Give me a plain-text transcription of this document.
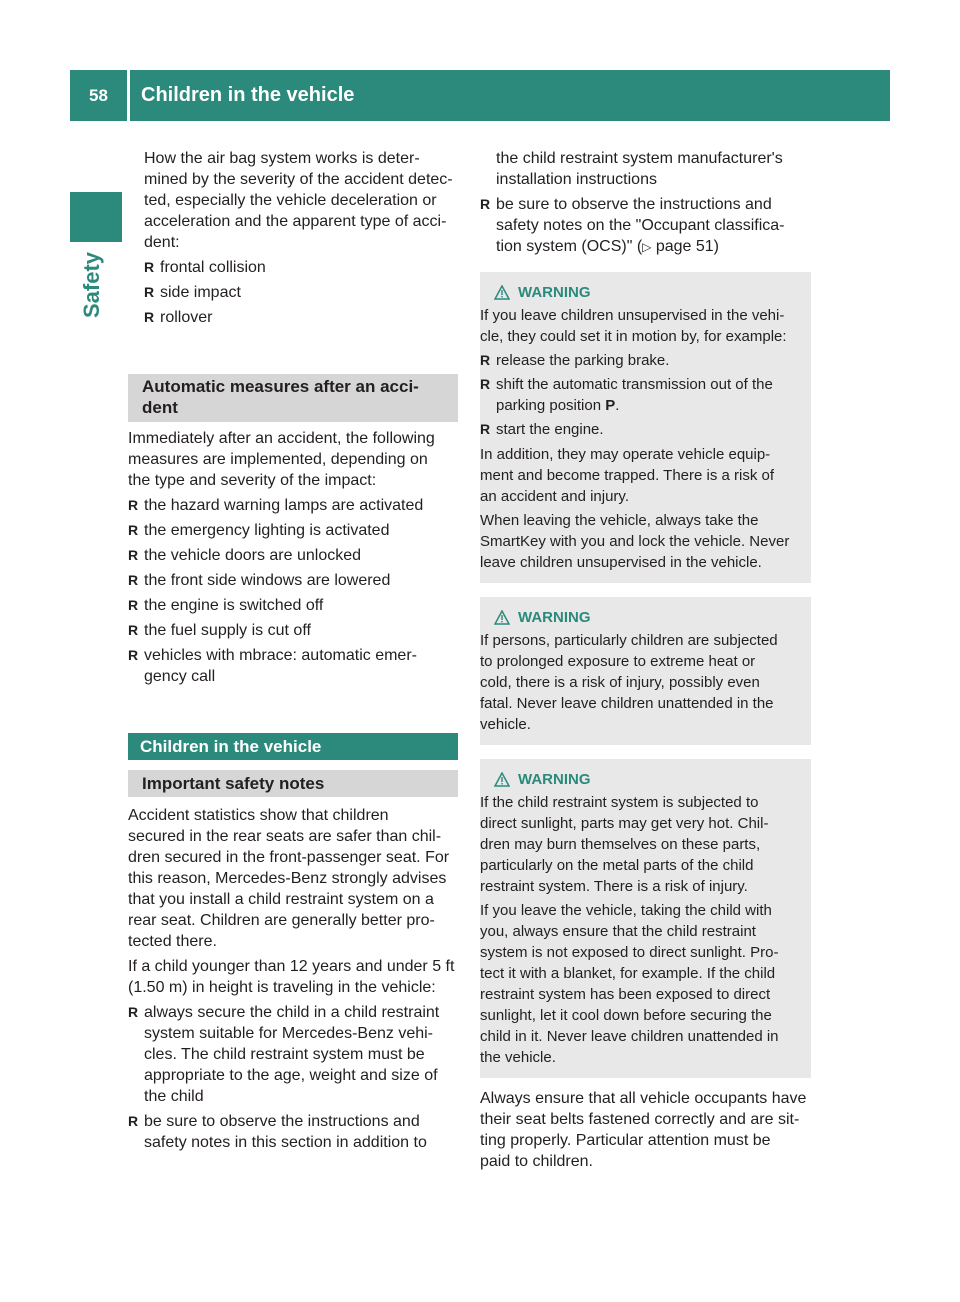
58	Children in the vehicle
Safety
How the air bag system works is deter-
mined by the severity of the accident detec-
ted, especially the vehicle deceleration or
acceleration and the apparent type of acci-
dent:
R frontal collision
R side impact
R rollover
Automatic measures after an acci-
dent
Immediately after an accident, the following
measures are implemented, depending on
the type and severity of the impact:
R the hazard warning lamps are activated
R the emergency lighting is activated
R the vehicle doors are unlocked
R the front side windows are lowered
R the engine is switched off
R the fuel supply is cut off
R vehicles with mbrace: automatic emer-
gency call
Children in the vehicle
Important safety notes

Accident statistics show that children
secured in the rear seats are safer than chil-
dren secured in the front-passenger seat. For
this reason, Mercedes-Benz strongly advises
that you install a child restraint system on a
rear seat. Children are generally better pro-
tected there.

If a child younger than 12 years and under 5 ft
(1.50 m) in height is traveling in the vehicle:

R always secure the child in a child restraint
system suitable for Mercedes-Benz vehi-
cles. The child restraint system must be
appropriate to the age, weight and size of
the child
R be sure to observe the instructions and
safety notes in this section in addition to
the child restraint system manufacturer's
installation instructions
R be sure to observe the instructions and
safety notes on the "Occupant classifica-
tion system (OCS)" (▷ page 51)
WARNING

If you leave children unsupervised in the vehi-
cle, they could set it in motion by, for example:

R release the parking brake.
R shift the automatic transmission out of the
parking position P.
R start the engine.

In addition, they may operate vehicle equip-
ment and become trapped. There is a risk of
an accident and injury.

When leaving the vehicle, always take the
SmartKey with you and lock the vehicle. Never
leave children unsupervised in the vehicle.

WARNING

If persons, particularly children are subjected
to prolonged exposure to extreme heat or
cold, there is a risk of injury, possibly even
fatal. Never leave children unattended in the
vehicle.

WARNING

If the child restraint system is subjected to
direct sunlight, parts may get very hot. Chil-
dren may burn themselves on these parts,
particularly on the metal parts of the child
restraint system. There is a risk of injury.

If you leave the vehicle, taking the child with
you, always ensure that the child restraint
system is not exposed to direct sunlight. Pro-
tect it with a blanket, for example. If the child
restraint system has been exposed to direct
sunlight, let it cool down before securing the
child in it. Never leave children unattended in
the vehicle.

Always ensure that all vehicle occupants have
their seat belts fastened correctly and are sit-
ting properly. Particular attention must be
paid to children.
